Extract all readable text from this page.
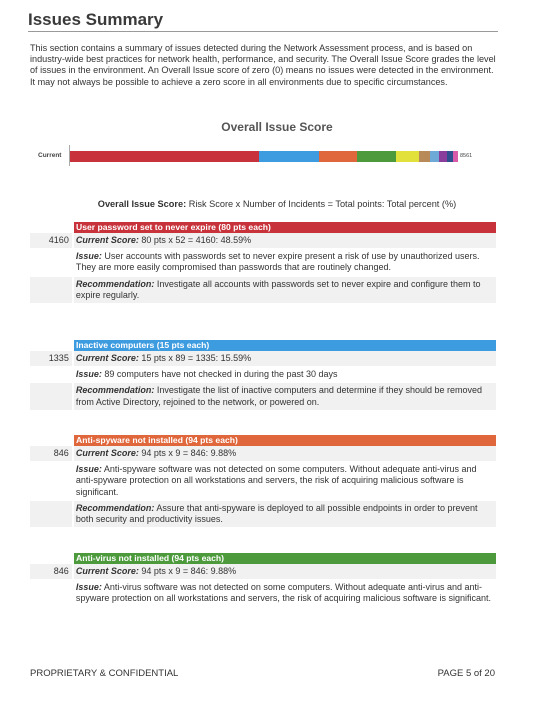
Issues Summary
This section contains a summary of issues detected during the Network Assessment process, and is based on industry-wide best practices for network health, performance, and security. The Overall Issue Score grades the level of issues in the environment. An Overall Issue score of zero (0) means no issues were detected in the environment. It may not always be possible to achieve a zero score in all environments due to specific circumstances.
Overall Issue Score
Current	8561
Overall Issue Score: Risk Score x Number of Incidents = Total points: Total percent (%)
User password set to never expire (80 pts each)
4160 Current Score: 80 pts x 52 = 4160: 48.59%
Issue: User accounts with passwords set to never expire present a risk of use by unauthorized users. They are more easily compromised than passwords that are routinely changed.
Recommendation: Investigate all accounts with passwords set to never expire and configure them to expire regularly.
Inactive computers (15 pts each)
1335 Current Score: 15 pts x 89 = 1335: 15.59%
Issue: 89 computers have not checked in during the past 30 days
Recommendation: Investigate the list of inactive computers and determine if they should be removed from Active Directory, rejoined to the network, or powered on.
Anti-spyware not installed (94 pts each)
846 Current Score: 94 pts x 9 = 846: 9.88%
Issue: Anti-spyware software was not detected on some computers. Without adequate anti-virus and anti-spyware protection on all workstations and servers, the risk of acquiring malicious software is significant.
Recommendation: Assure that anti-spyware is deployed to all possible endpoints in order to prevent both security and productivity issues.
Anti-virus not installed (94 pts each)
846 Current Score: 94 pts x 9 = 846: 9.88%
Issue: Anti-virus software was not detected on some computers. Without adequate anti-virus and anti-spyware protection on all workstations and servers, the risk of acquiring malicious software is significant.
PROPRIETARY & CONFIDENTIAL	PAGE 5 of 20
